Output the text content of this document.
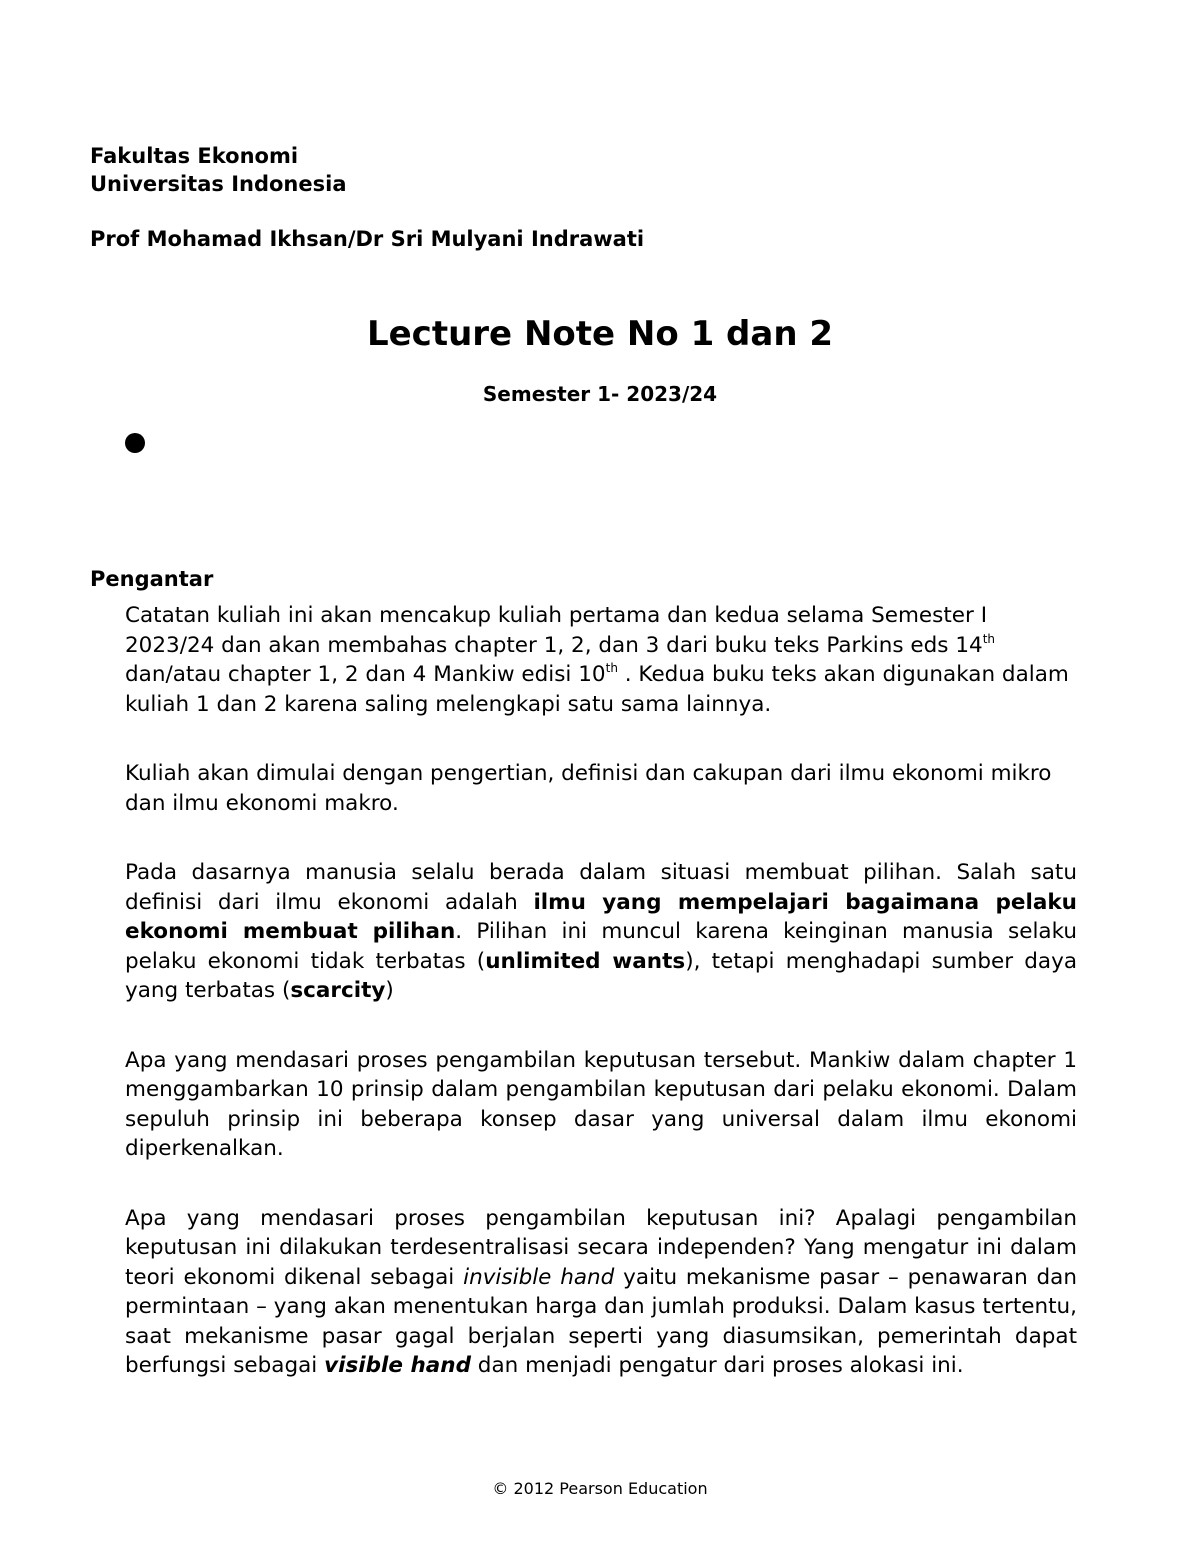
Fakultas Ekonomi
Universitas Indonesia
Prof Mohamad Ikhsan/Dr Sri Mulyani Indrawati
Lecture Note No 1 dan 2
Semester 1- 2023/24
Pengantar

Catatan kuliah ini akan mencakup kuliah pertama dan kedua selama Semester I 2023/24 dan akan membahas chapter 1, 2, dan 3 dari buku teks Parkins eds 14th dan/atau chapter 1, 2 dan 4 Mankiw edisi 10th . Kedua buku teks akan digunakan dalam kuliah 1 dan 2 karena saling melengkapi satu sama lainnya.

Kuliah akan dimulai dengan pengertian, definisi dan cakupan dari ilmu ekonomi mikro dan ilmu ekonomi makro.

Pada dasarnya manusia selalu berada dalam situasi membuat pilihan. Salah satu definisi dari ilmu ekonomi adalah ilmu yang mempelajari bagaimana pelaku ekonomi membuat pilihan. Pilihan ini muncul karena keinginan manusia selaku pelaku ekonomi tidak terbatas (unlimited wants), tetapi menghadapi sumber daya yang terbatas (scarcity)

Apa yang mendasari proses pengambilan keputusan tersebut. Mankiw dalam chapter 1 menggambarkan 10 prinsip dalam pengambilan keputusan dari pelaku ekonomi. Dalam sepuluh prinsip ini beberapa konsep dasar yang universal dalam ilmu ekonomi diperkenalkan.

Apa yang mendasari proses pengambilan keputusan ini? Apalagi pengambilan keputusan ini dilakukan terdesentralisasi secara independen? Yang mengatur ini dalam teori ekonomi dikenal sebagai invisible hand yaitu mekanisme pasar – penawaran dan permintaan – yang akan menentukan harga dan jumlah produksi. Dalam kasus tertentu, saat mekanisme pasar gagal berjalan seperti yang diasumsikan, pemerintah dapat berfungsi sebagai visible hand dan menjadi pengatur dari proses alokasi ini.

© 2012 Pearson Education
